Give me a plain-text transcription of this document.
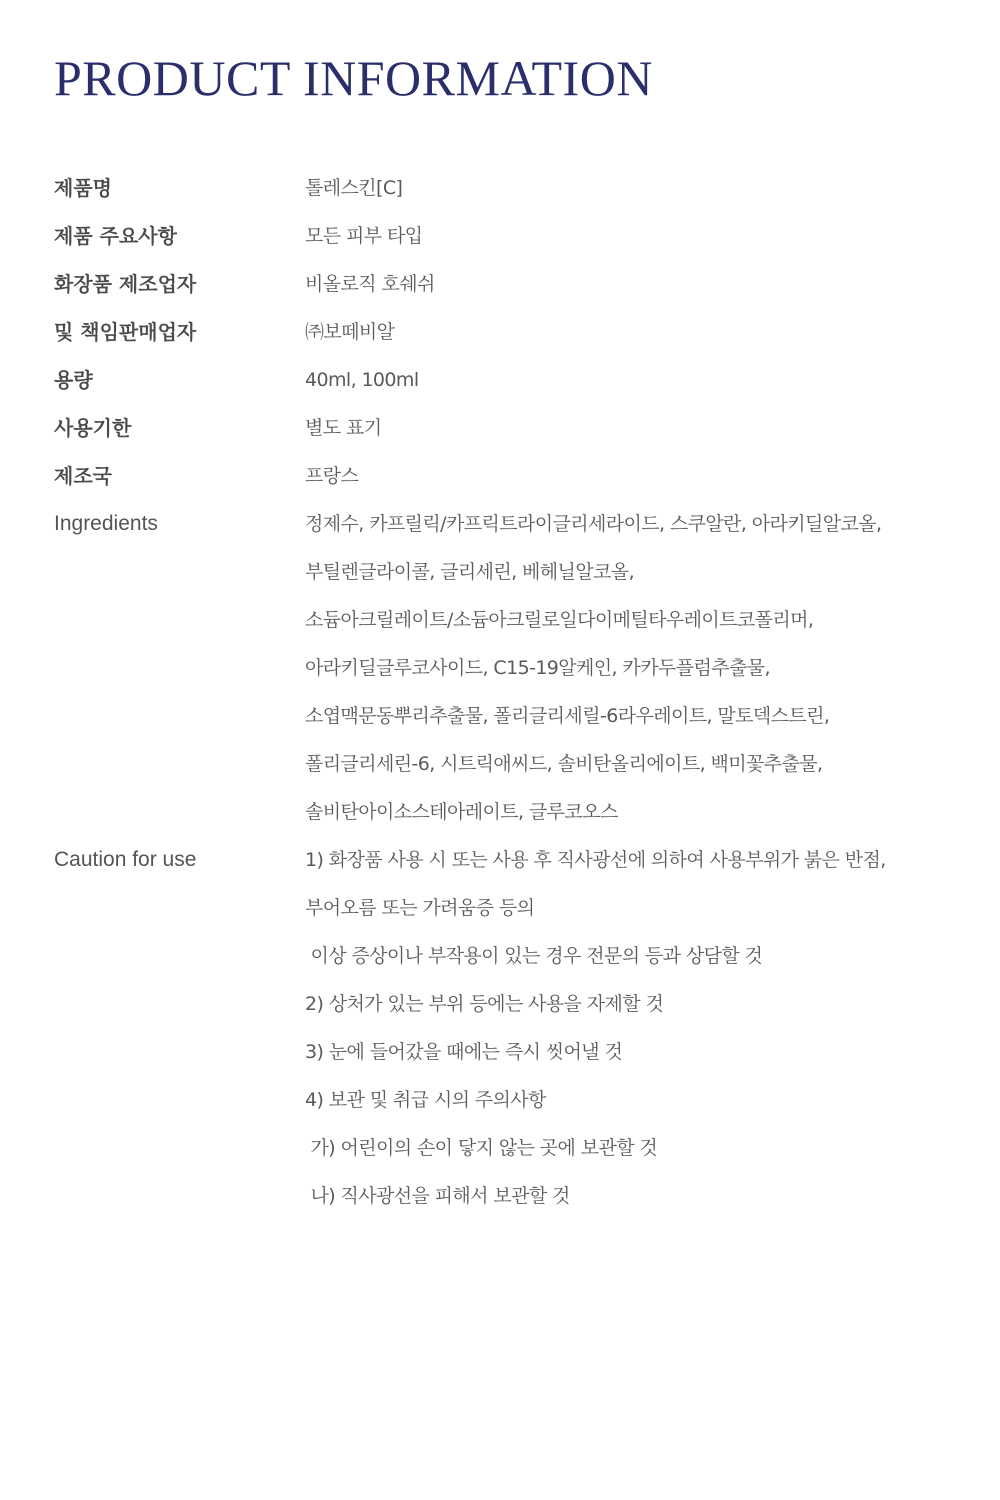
PRODUCT INFORMATION
제품명	톨레스킨[C]
제품 주요사항	모든 피부 타입
화장품 제조업자	비올로직 호쉐쉬
및 책임판매업자	㈜보떼비알
용량	40ml, 100ml
사용기한	별도 표기
제조국	프랑스
Ingredients	정제수, 카프릴릭/카프릭트라이글리세라이드, 스쿠알란, 아라키딜알코올,
부틸렌글라이콜, 글리세린, 베헤닐알코올,
소듐아크릴레이트/소듐아크릴로일다이메틸타우레이트코폴리머,
아라키딜글루코사이드, C15-19알케인, 카카두플럼추출물,
소엽맥문동뿌리추출물, 폴리글리세릴-6라우레이트, 말토덱스트린,
폴리글리세린-6, 시트릭애씨드, 솔비탄올리에이트, 백미꽃추출물,
솔비탄아이소스테아레이트, 글루코오스
Caution for use	1) 화장품 사용 시 또는 사용 후 직사광선에 의하여 사용부위가 붉은 반점,
부어오름 또는 가려움증 등의
이상 증상이나 부작용이 있는 경우 전문의 등과 상담할 것
2) 상처가 있는 부위 등에는 사용을 자제할 것
3) 눈에 들어갔을 때에는 즉시 씻어낼 것
4) 보관 및 취급 시의 주의사항
가) 어린이의 손이 닿지 않는 곳에 보관할 것
나) 직사광선을 피해서 보관할 것
